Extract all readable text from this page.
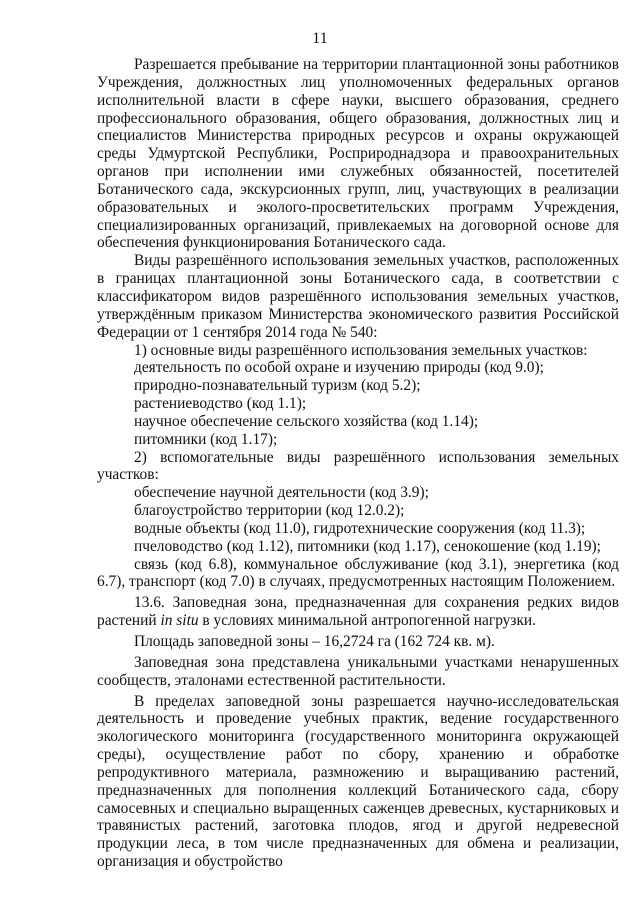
11

Разрешается пребывание на территории плантационной зоны работников Учреждения, должностных лиц уполномоченных федеральных органов исполнительной власти в сфере науки, высшего образования, среднего профессионального образования, общего образования, должностных лиц и специалистов Министерства природных ресурсов и охраны окружающей среды Удмуртской Республики, Росприроднадзора и правоохранительных органов при исполнении ими служебных обязанностей, посетителей Ботанического сада, экскурсионных групп, лиц, участвующих в реализации образовательных и эколого-просветительских программ Учреждения, специализированных организаций, привлекаемых на договорной основе для обеспечения функционирования Ботанического сада.

Виды разрешённого использования земельных участков, расположенных в границах плантационной зоны Ботанического сада, в соответствии с классификатором видов разрешённого использования земельных участков, утверждённым приказом Министерства экономического развития Российской Федерации от 1 сентября 2014 года № 540:

1) основные виды разрешённого использования земельных участков:

деятельность по особой охране и изучению природы (код 9.0);

природно-познавательный туризм (код 5.2);

растениеводство (код 1.1);

научное обеспечение сельского хозяйства (код 1.14);

питомники (код 1.17);

2) вспомогательные виды разрешённого использования земельных участков:

обеспечение научной деятельности (код 3.9);

благоустройство территории (код 12.0.2);

водные объекты (код 11.0), гидротехнические сооружения (код 11.3);

пчеловодство (код 1.12), питомники (код 1.17), сенокошение (код 1.19);

связь (код 6.8), коммунальное обслуживание (код 3.1), энергетика (код 6.7), транспорт (код 7.0) в случаях, предусмотренных настоящим Положением.

13.6. Заповедная зона, предназначенная для сохранения редких видов растений in situ в условиях минимальной антропогенной нагрузки.

Площадь заповедной зоны – 16,2724 га (162 724 кв. м).

Заповедная зона представлена уникальными участками ненарушенных сообществ, эталонами естественной растительности.

В пределах заповедной зоны разрешается научно-исследовательская деятельность и проведение учебных практик, ведение государственного экологического мониторинга (государственного мониторинга окружающей среды), осуществление работ по сбору, хранению и обработке репродуктивного материала, размножению и выращиванию растений, предназначенных для пополнения коллекций Ботанического сада, сбору самосевных и специально выращенных саженцев древесных, кустарниковых и травянистых растений, заготовка плодов, ягод и другой недревесной продукции леса, в том числе предназначенных для обмена и реализации, организация и обустройство
